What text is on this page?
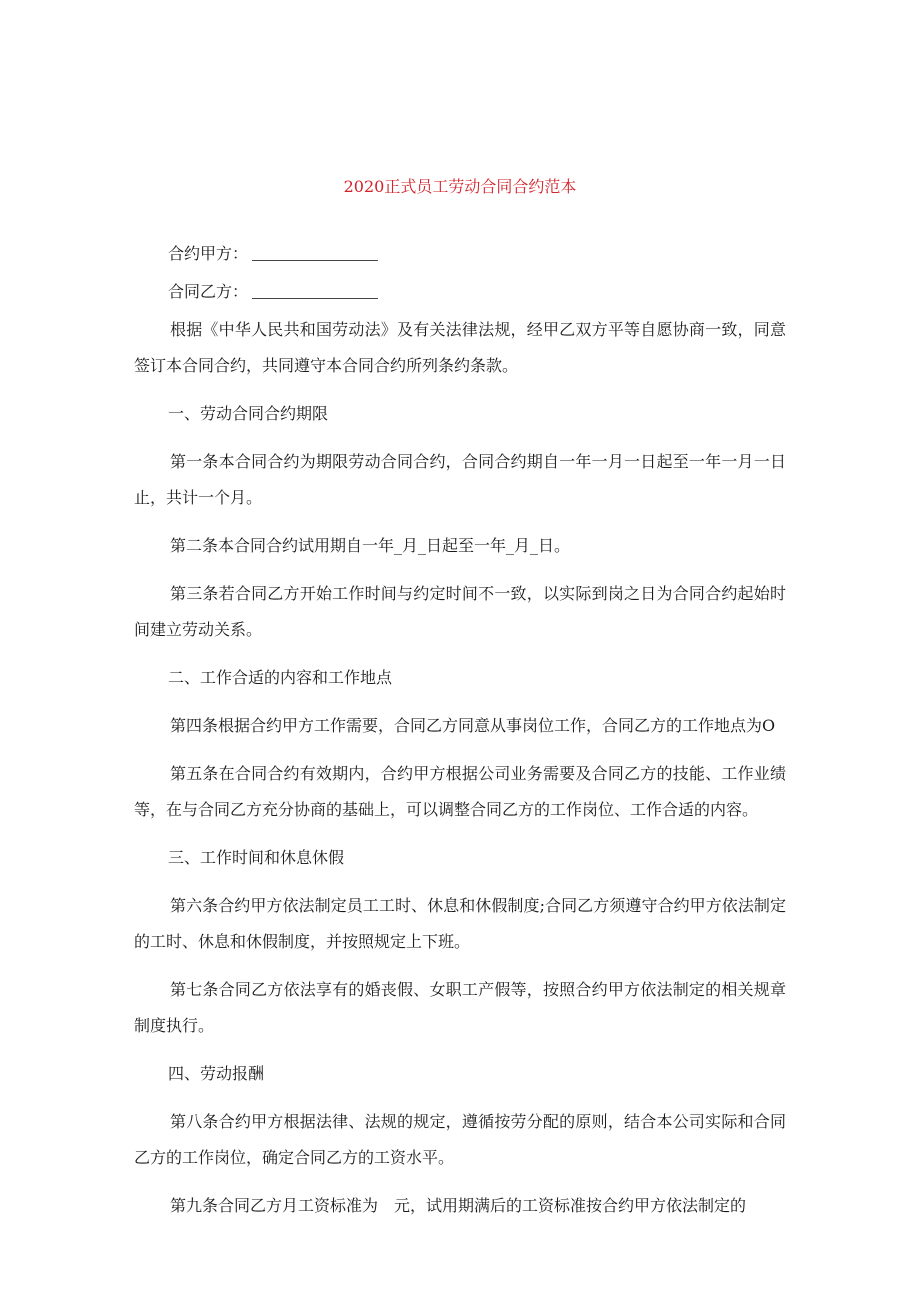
2020正式员工劳动合同合约范本

合约甲方：

合同乙方：

根据《中华人民共和国劳动法》及有关法律法规，经甲乙双方平等自愿协商一致，同意签订本合同合约，共同遵守本合同合约所列条约条款。

一、劳动合同合约期限

第一条本合同合约为期限劳动合同合约，合同合约期自一年一月一日起至一年一月一日止，共计一个月。

第二条本合同合约试用期自一年_月_日起至一年_月_日。

第三条若合同乙方开始工作时间与约定时间不一致，以实际到岗之日为合同合约起始时间建立劳动关系。

二、工作合适的内容和工作地点

第四条根据合约甲方工作需要，合同乙方同意从事岗位工作，合同乙方的工作地点为O

第五条在合同合约有效期内，合约甲方根据公司业务需要及合同乙方的技能、工作业绩等，在与合同乙方充分协商的基础上，可以调整合同乙方的工作岗位、工作合适的内容。

三、工作时间和休息休假

第六条合约甲方依法制定员工工时、休息和休假制度;合同乙方须遵守合约甲方依法制定的工时、休息和休假制度，并按照规定上下班。

第七条合同乙方依法享有的婚丧假、女职工产假等，按照合约甲方依法制定的相关规章制度执行。

四、劳动报酬

第八条合约甲方根据法律、法规的规定，遵循按劳分配的原则，结合本公司实际和合同乙方的工作岗位，确定合同乙方的工资水平。

第九条合同乙方月工资标准为　元，试用期满后的工资标准按合约甲方依法制定的
